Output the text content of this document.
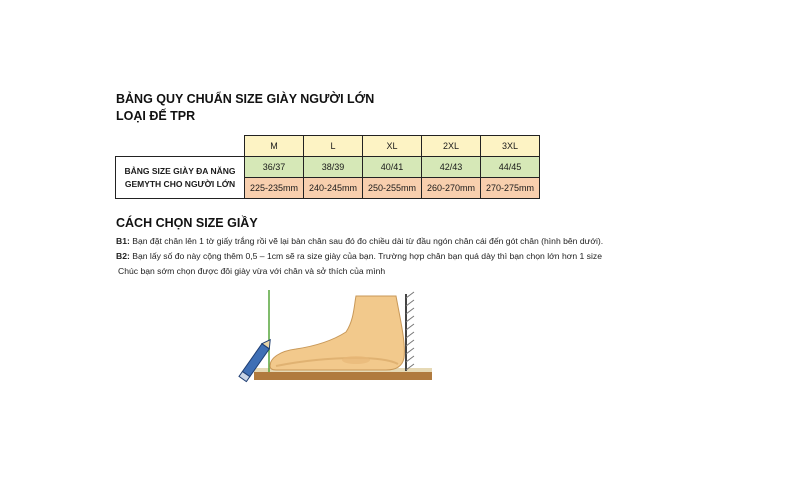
BẢNG QUY CHUẨN SIZE GIÀY NGƯỜI LỚN
LOẠI ĐẾ TPR
	M	L	XL	2XL	3XL

BẢNG SIZE GIÀY ĐA NĂNG
GEMYTH CHO NGƯỜI LỚN	36/37	38/39	40/41	42/43	44/45
	225-235mm	240-245mm	250-255mm	260-270mm	270-275mm
CÁCH CHỌN SIZE GIẦY
B1: Bạn đặt chân lên 1 tờ giấy trắng rồi vẽ lại bàn chân sau đó đo chiều dài từ đầu ngón chân cái đến gót chân (hình bên dưới).
B2: Bạn lấy số đo này cộng thêm 0,5 – 1cm sẽ ra size giày của bạn. Trường hợp chân bạn quá dày thì bạn chọn lớn hơn 1 size
Chúc bạn sớm chọn được đôi giày vừa với chân và sở thích của mình
